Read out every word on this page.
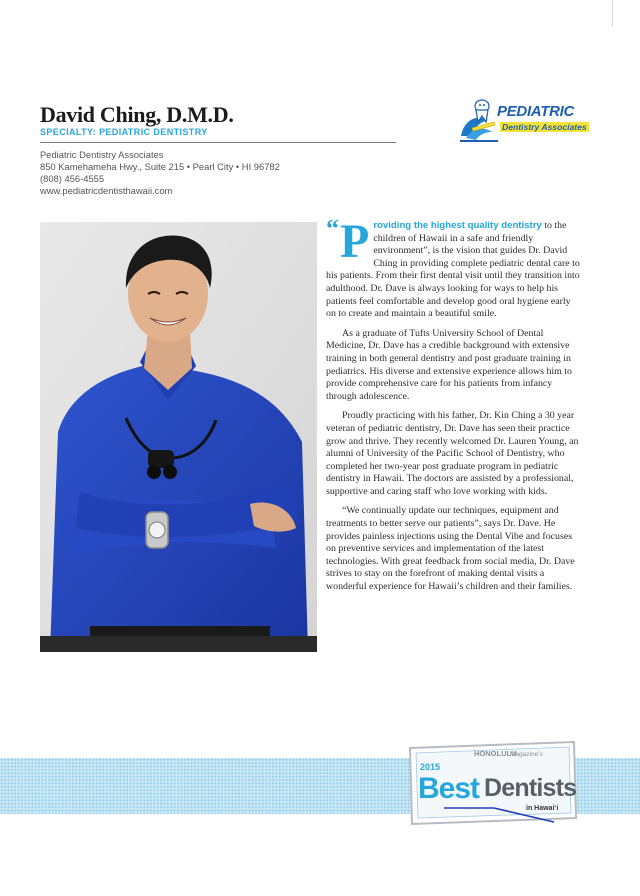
David Ching, D.M.D.
SPECIALTY: PEDIATRIC DENTISTRY
Pediatric Dentistry Associates
850 Kamehameha Hwy., Suite 215 • Pearl City • HI 96782
(808) 456-4555
www.pediatricdentisthawaii.com
PEDIATRIC
Dentistry Associates
“ Providing the highest quality dentistry to the children of Hawaii in a safe and friendly environment”, is the vision that guides Dr. David Ching in providing complete pediatric dental care to his patients. From their first dental visit until they transition into adulthood. Dr. Dave is always looking for ways to help his patients feel comfortable and develop good oral hygiene early on to create and maintain a beautiful smile.

As a graduate of Tufts University School of Dental Medicine, Dr. Dave has a credible background with extensive training in both general dentistry and post graduate training in pediatrics. His diverse and extensive experience allows him to provide comprehensive care for his patients from infancy through adolescence.

Proudly practicing with his father, Dr. Kin Ching a 30 year veteran of pediatric dentistry, Dr. Dave has seen their practice grow and thrive. They recently welcomed Dr. Lauren Young, an alumni of University of the Pacific School of Dentistry, who completed her two-year post graduate program in pediatric dentistry in Hawaii. The doctors are assisted by a professional, supportive and caring staff who love working with kids.

“We continually update our techniques, equipment and treatments to better serve our patients”, says Dr. Dave. He provides painless injections using the Dental Vibe and focuses on preventive services and implementation of the latest technologies. With great feedback from social media, Dr. Dave strives to stay on the forefront of making dental visits a wonderful experience for Hawaii’s children and their families.

HONOLULU
Magazine’s
2015
Best Dentists
in Hawai‘i
